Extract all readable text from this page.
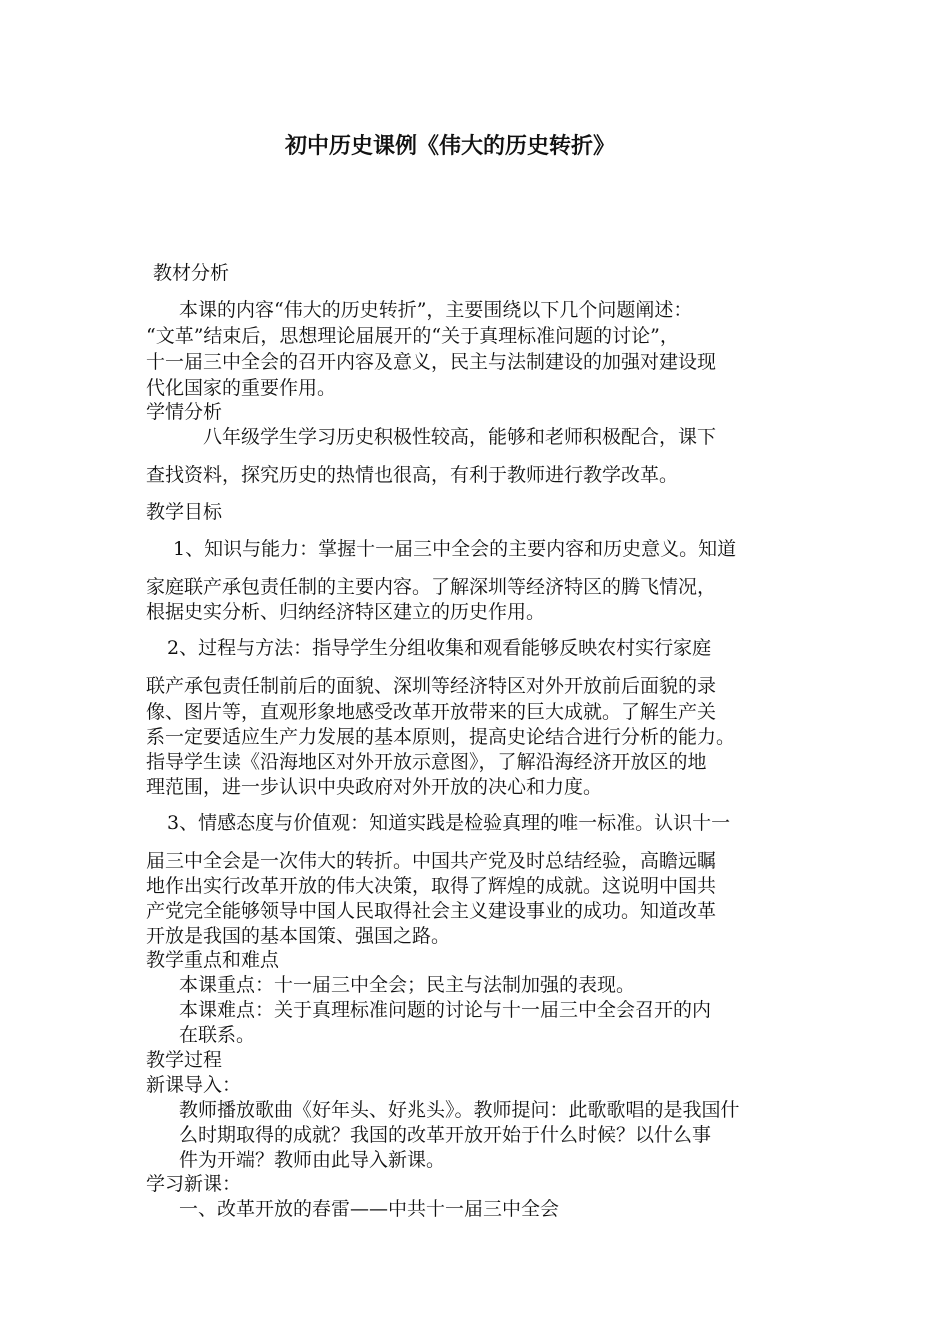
初中历史课例《伟大的历史转折》
教材分析
本课的内容“伟大的历史转折”，主要围绕以下几个问题阐述：
“文革”结束后，思想理论届展开的“关于真理标准问题的讨论”，
十一届三中全会的召开内容及意义，民主与法制建设的加强对建设现
代化国家的重要作用。
学情分析
八年级学生学习历史积极性较高，能够和老师积极配合，课下
查找资料，探究历史的热情也很高，有利于教师进行教学改革。
教学目标
1、知识与能力：掌握十一届三中全会的主要内容和历史意义。知道
家庭联产承包责任制的主要内容。了解深圳等经济特区的腾飞情况，
根据史实分析、归纳经济特区建立的历史作用。
2、过程与方法：指导学生分组收集和观看能够反映农村实行家庭
联产承包责任制前后的面貌、深圳等经济特区对外开放前后面貌的录
像、图片等，直观形象地感受改革开放带来的巨大成就。了解生产关
系一定要适应生产力发展的基本原则，提高史论结合进行分析的能力。
指导学生读《沿海地区对外开放示意图》，了解沿海经济开放区的地
理范围，进一步认识中央政府对外开放的决心和力度。
3、情感态度与价值观：知道实践是检验真理的唯一标准。认识十一
届三中全会是一次伟大的转折。中国共产党及时总结经验，高瞻远瞩
地作出实行改革开放的伟大决策，取得了辉煌的成就。这说明中国共
产党完全能够领导中国人民取得社会主义建设事业的成功。知道改革
开放是我国的基本国策、强国之路。
教学重点和难点
本课重点：十一届三中全会；民主与法制加强的表现。
本课难点：关于真理标准问题的讨论与十一届三中全会召开的内
在联系。
教学过程
新课导入：
教师播放歌曲《好年头、好兆头》。教师提问：此歌歌唱的是我国什
么时期取得的成就？我国的改革开放开始于什么时候？以什么事
件为开端？教师由此导入新课。
学习新课：
一、改革开放的春雷——中共十一届三中全会
